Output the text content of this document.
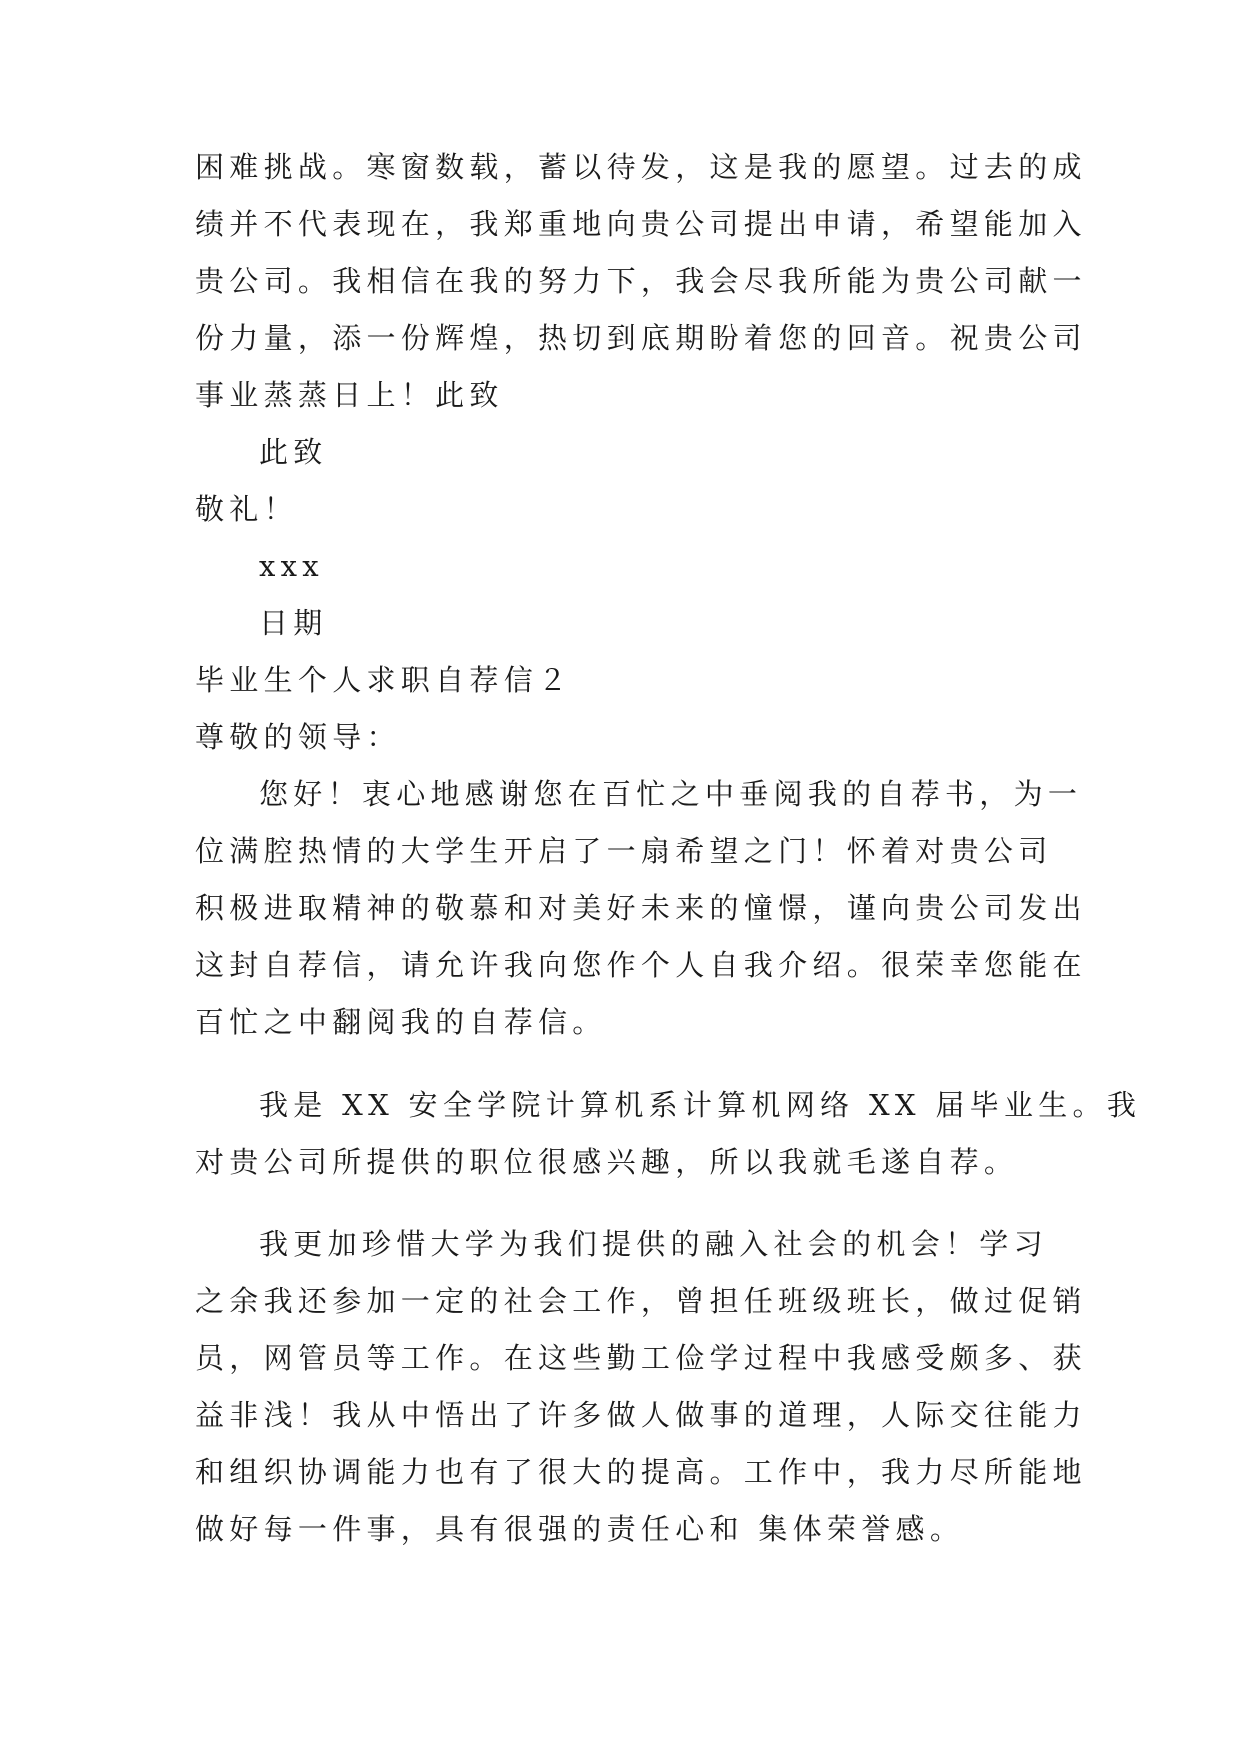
困难挑战。寒窗数载，蓄以待发，这是我的愿望。过去的成
绩并不代表现在，我郑重地向贵公司提出申请，希望能加入
贵公司。我相信在我的努力下，我会尽我所能为贵公司献一
份力量，添一份辉煌，热切到底期盼着您的回音。祝贵公司
事业蒸蒸日上！此致
此致
敬礼！
xxx
日期
毕业生个人求职自荐信２
尊敬的领导：
您好！衷心地感谢您在百忙之中垂阅我的自荐书，为一
位满腔热情的大学生开启了一扇希望之门！怀着对贵公司
积极进取精神的敬慕和对美好未来的憧憬，谨向贵公司发出
这封自荐信，请允许我向您作个人自我介绍。很荣幸您能在
百忙之中翻阅我的自荐信。
我是 XX 安全学院计算机系计算机网络 XX 届毕业生。我
对贵公司所提供的职位很感兴趣，所以我就毛遂自荐。
我更加珍惜大学为我们提供的融入社会的机会！学习
之余我还参加一定的社会工作，曾担任班级班长，做过促销
员，网管员等工作。在这些勤工俭学过程中我感受颇多、获
益非浅！我从中悟出了许多做人做事的道理，人际交往能力
和组织协调能力也有了很大的提高。工作中，我力尽所能地
做好每一件事，具有很强的责任心和 集体荣誉感。
